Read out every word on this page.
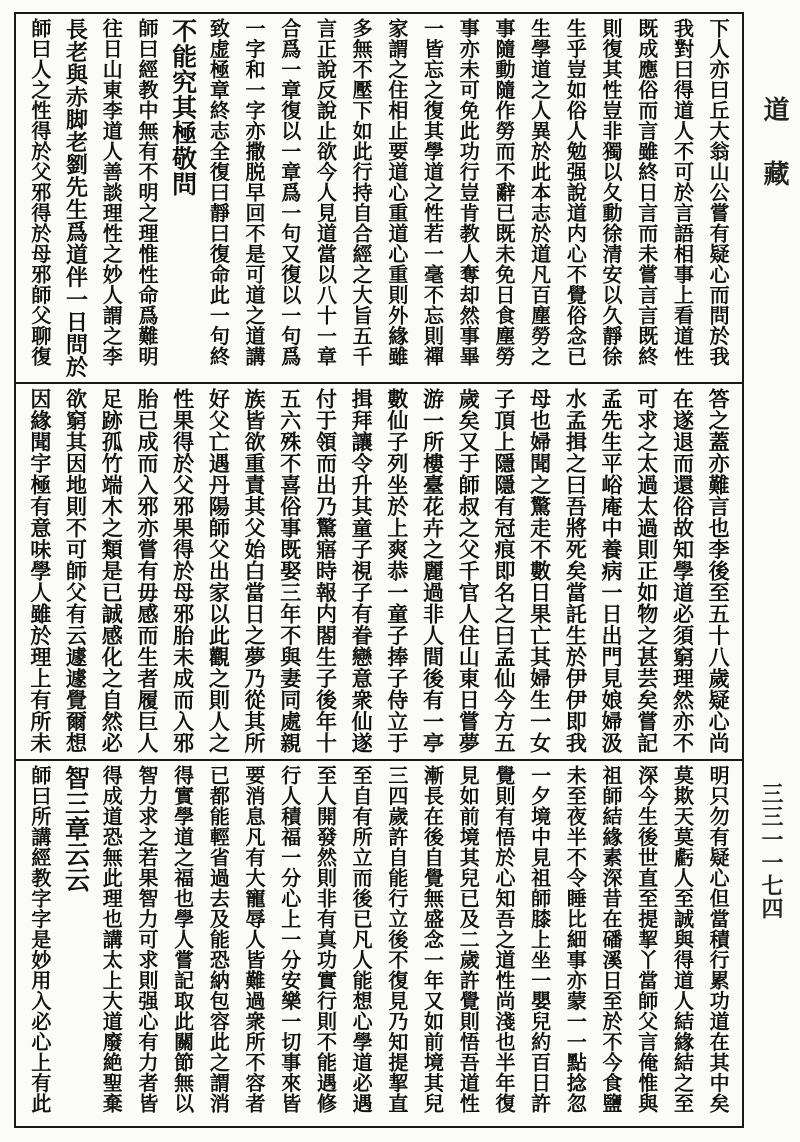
下人亦曰丘大翁山公嘗有疑心而問於我
我對曰得道人不可於言語相事上看道性
既成應俗而言雖終日言而未嘗言言既終
則復其性豈非獨以夂動徐清安以久靜徐
生乎豈如俗人勉强說道内心不覺俗念已
生學道之人異於此本志於道凡百塵勞之
事隨動隨作勞而不辭已既未免日食塵勞
事亦未可免此功行豈肯教人奪却然事畢
一皆忘之復其學道之性若一毫不忘則禪
家謂之住相止要道心重道心重則外緣雖
多無不壓下如此行持自合經之大旨五千
言正說反說止欲今人見道當以八十一章
合爲一章復以一章爲一句又復以一句爲
一字和一字亦撒脱早回不是可道之道講
致虚極章終志全復曰靜曰復命此一句終
不能究其極敬問
師曰經教中無有不明之理惟性命爲難明
往日山東李道人善談理性之妙人謂之李
長老與赤脚老劉先生爲道伴一日問於
師曰人之性得於父邪得於母邪師父聊復
答之蓋亦難言也李後至五十八歲疑心尚
在遂退而還俗故知學道必須窮理然亦不
可求之太過太過則正如物之甚芸矣嘗記
孟先生平峪庵中養病一日出門見娘婦汲
水孟揖之曰吾將死矣當託生於伊伊即我
母也婦聞之驚走不數日果亡其婦生一女
子頂上隱隱有冠痕即名之曰孟仙今方五
歲矣又于師叔之父千官人住山東日嘗夢
游一所樓臺花卉之麗過非人間後有一亭
數仙子列坐於上爽恭一童子捧子侍立于
揖拜讓令升其童子視子有眷戀意衆仙遂
付于領而出乃驚寤時報内閤生子後年十
五六殊不喜俗事既娶三年不與妻同處親
族皆欲重責其父始白當日之夢乃從其所
好父亡遇丹陽師父出家以此觀之則人之
性果得於父邪果得於母邪胎未成而入邪
胎已成而入邪亦嘗有毋感而生者履巨人
足跡孤竹端木之類是已誠感化之自然必
欲窮其因地則不可師父有云遽遽覺爾想
因緣聞宇極有意味學人雖於理上有所未
明只勿有疑心但當積行累功道在其中矣
莫欺天莫虧人至誠與得道人結緣結之至
深今生後世直至提挈丫當師父言俺惟與
祖師結緣素深昔在磻溪日至於不今食鹽
未至夜半不令睡比細事亦蒙一一點捻忽
一夕境中見祖師膝上坐一嬰兒約百日許
覺則有悟於心知吾之道性尚淺也半年復
見如前境其兒已及二歲許覺則悟吾道性
漸長在後自覺無盛念一年又如前境其兒
三四歲許自能行立後不復見乃知提挈直
至自有所立而後已凡人能想心學道必遇
至人開發然則非有真功實行則不能遇修
行人積福一分心上一分安樂一切事來皆
要消息凡有大寵辱人皆難過衆所不容者
已都能輕省過去及能恐納包容此之謂消
得實學道之福也學人嘗記取此關節無以
智力求之若果智力可求則强心有力者皆
得成道恐無此理也講太上大道廢絶聖棄
智三章云云
師曰所講經教字字是妙用入必心上有此
道
藏
三三一一七四
